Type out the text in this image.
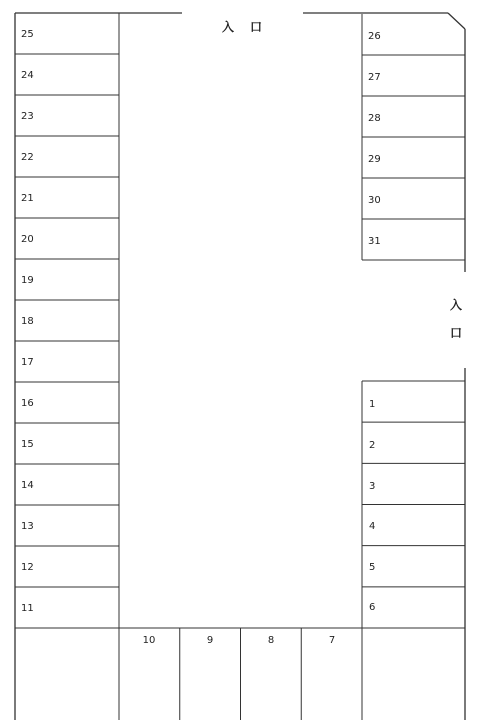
入 口
入
口
25
24
23
22
21
20
19
18
17
16
15
14
13
12
11
26
27
28
29
30
31
1
2
3
4
5
6
10	9	8	7
